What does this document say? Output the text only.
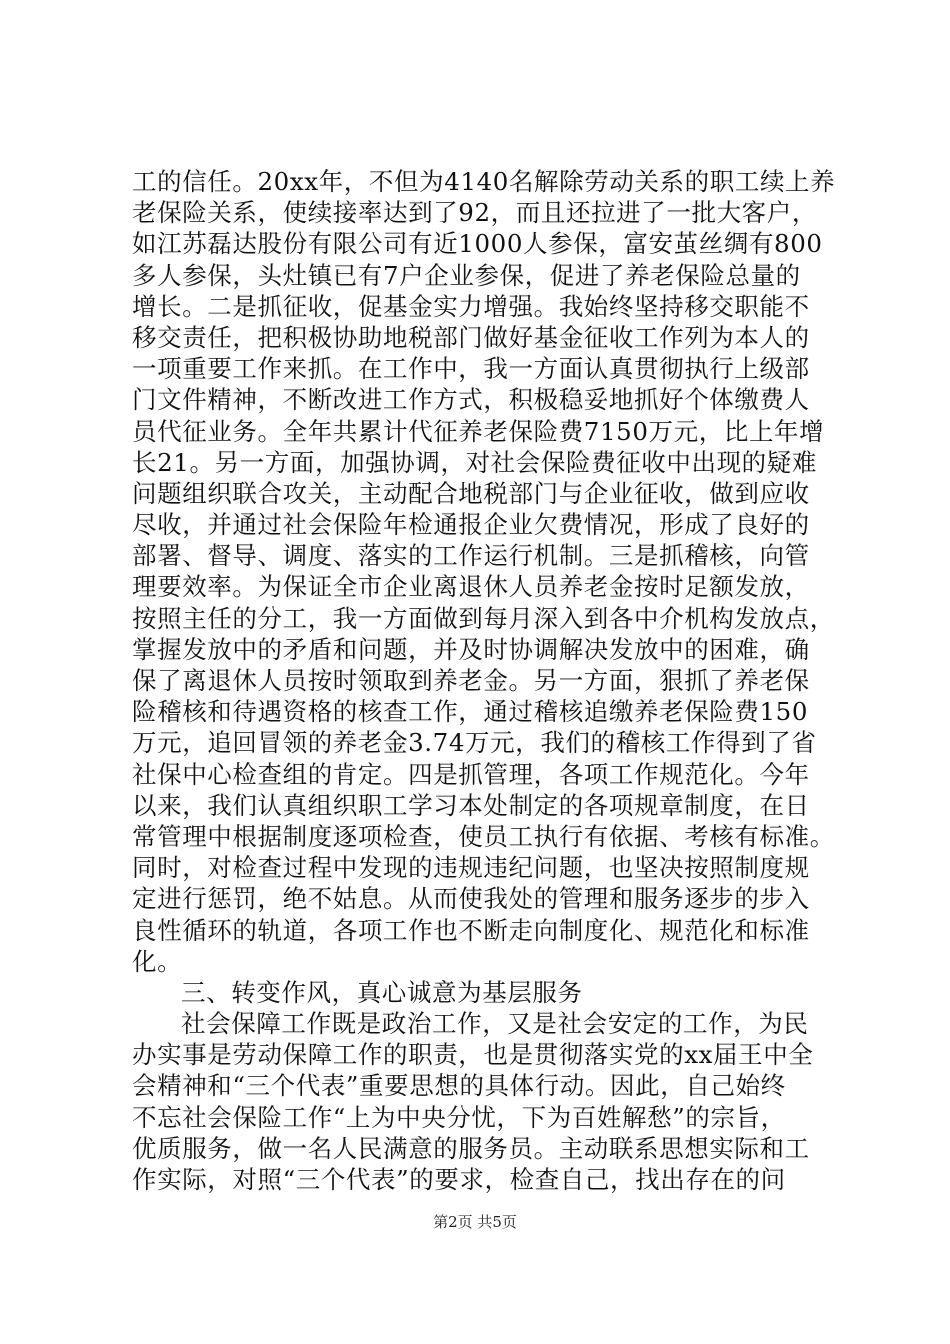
工的信任。20xx年，不但为4140名解除劳动关系的职工续上养
老保险关系，使续接率达到了92，而且还拉进了一批大客户，
如江苏磊达股份有限公司有近1000人参保，富安茧丝绸有800
多人参保，头灶镇已有7户企业参保，促进了养老保险总量的
增长。二是抓征收，促基金实力增强。我始终坚持移交职能不
移交责任，把积极协助地税部门做好基金征收工作列为本人的
一项重要工作来抓。在工作中，我一方面认真贯彻执行上级部
门文件精神，不断改进工作方式，积极稳妥地抓好个体缴费人
员代征业务。全年共累计代征养老保险费7150万元，比上年增
长21。另一方面，加强协调，对社会保险费征收中出现的疑难
问题组织联合攻关，主动配合地税部门与企业征收，做到应收
尽收，并通过社会保险年检通报企业欠费情况，形成了良好的
部署、督导、调度、落实的工作运行机制。三是抓稽核，向管
理要效率。为保证全市企业离退休人员养老金按时足额发放，
按照主任的分工，我一方面做到每月深入到各中介机构发放点，
掌握发放中的矛盾和问题，并及时协调解决发放中的困难，确
保了离退休人员按时领取到养老金。另一方面，狠抓了养老保
险稽核和待遇资格的核查工作，通过稽核追缴养老保险费150
万元，追回冒领的养老金3.74万元，我们的稽核工作得到了省
社保中心检查组的肯定。四是抓管理，各项工作规范化。今年
以来，我们认真组织职工学习本处制定的各项规章制度，在日
常管理中根据制度逐项检查，使员工执行有依据、考核有标准。
同时，对检查过程中发现的违规违纪问题，也坚决按照制度规
定进行惩罚，绝不姑息。从而使我处的管理和服务逐步的步入
良性循环的轨道，各项工作也不断走向制度化、规范化和标准
化。
三、转变作风，真心诚意为基层服务
社会保障工作既是政治工作，又是社会安定的工作，为民
办实事是劳动保障工作的职责，也是贯彻落实党的xx届王中全
会精神和“三个代表”重要思想的具体行动。因此，自己始终
不忘社会保险工作“上为中央分忧，下为百姓解愁”的宗旨，
优质服务，做一名人民满意的服务员。主动联系思想实际和工
作实际，对照“三个代表”的要求，检查自己，找出存在的问
第2页 共5页
